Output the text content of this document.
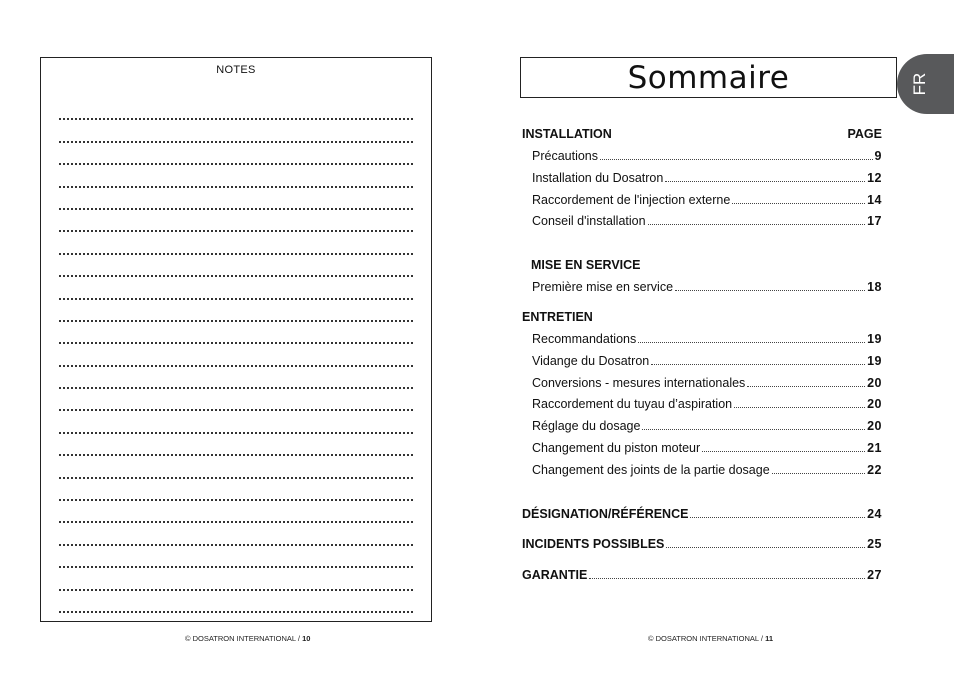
NOTES
© DOSATRON INTERNATIONAL / 10
FR
Sommaire
INSTALLATION	PAGE
Précautions	9
Installation du Dosatron	12
Raccordement de l'injection externe	14
Conseil d'installation	17
MISE EN SERVICE
Première mise en service	18
ENTRETIEN
Recommandations	19
Vidange du Dosatron	19
Conversions - mesures internationales	20
Raccordement du tuyau d’aspiration	20
Réglage du dosage	20
Changement du piston moteur	21
Changement des joints de la partie dosage	22
DÉSIGNATION/RÉFÉRENCE	24
INCIDENTS POSSIBLES	25
GARANTIE	27
© DOSATRON INTERNATIONAL / 11
